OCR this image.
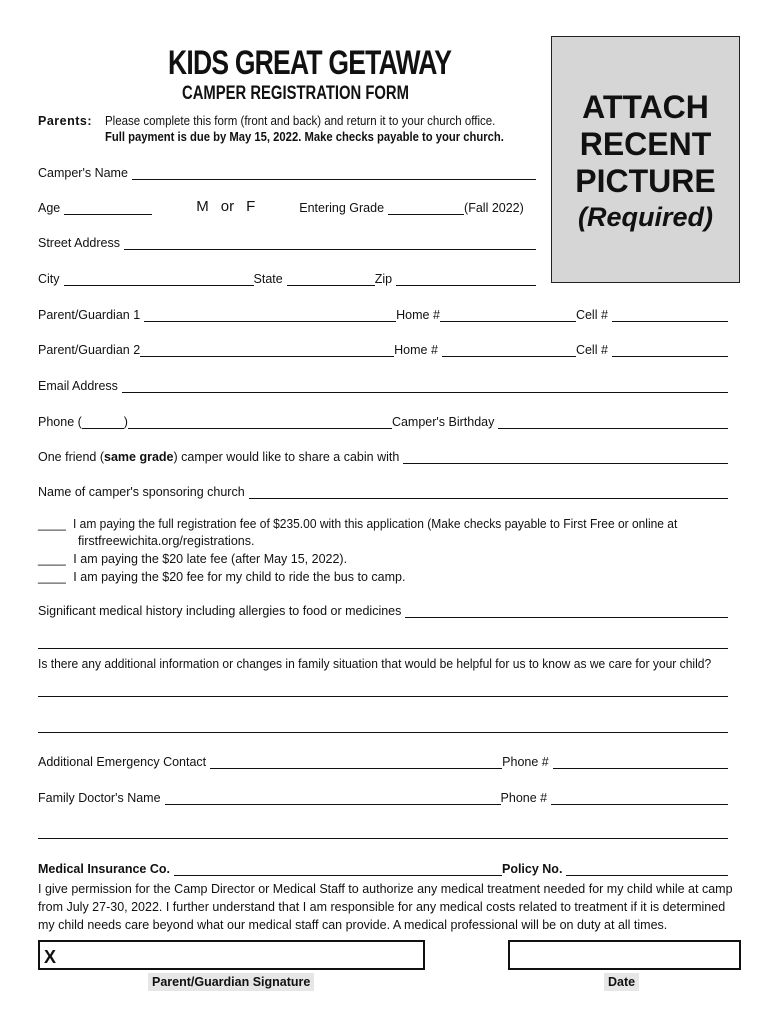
KIDS GREAT GETAWAY
CAMPER REGISTRATION FORM	ATTACH
RECENT
PICTURE
(Required)
Parents:	Please complete this form (front and back) and return it to your church office.
Full payment is due by May 15, 2022. Make checks payable to your church.
Camper's Name
Age	M or F	Entering Grade	(Fall 2022)
Street Address
City	State	Zip
Parent/Guardian 1	Home #	Cell #
Parent/Guardian 2	Home #	Cell #
Email Address
Phone (	)	Camper's Birthday
One friend ( same grade ) camper would like to share a cabin with
Name of camper's sponsoring church
____ I am paying the full registration fee of $235.00 with this application (Make checks payable to First Free or online at
firstfreewichita.org/registrations.
____ I am paying the $20 late fee (after May 15, 2022).
____ I am paying the $20 fee for my child to ride the bus to camp.
Significant medical history including allergies to food or medicines
Is there any additional information or changes in family situation that would be helpful for us to know as we care for your child?
Additional Emergency Contact	Phone #
Family Doctor's Name	Phone #
Medical Insurance Co.	Policy No.
I give permission for the Camp Director or Medical Staff to authorize any medical treatment needed for my child while at camp from July 27-30, 2022. I further understand that I am responsible for any medical costs related to treatment if it is determined my child needs care beyond what our medical staff can provide. A medical professional will be on duty at all times.
X
Parent/Guardian Signature	Date
